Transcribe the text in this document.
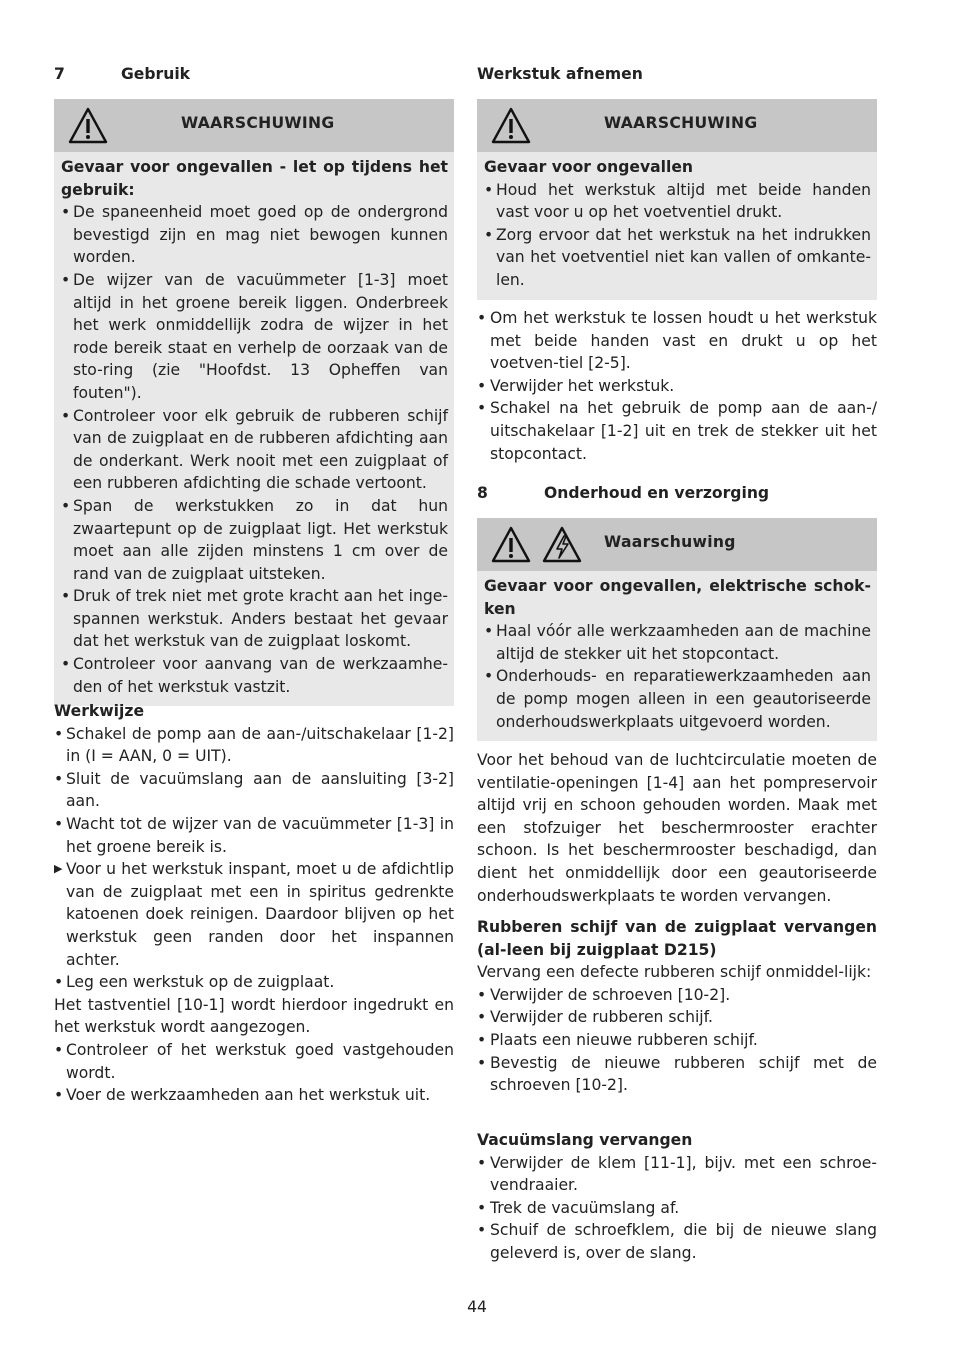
7	Gebruik
WAARSCHUWING

Gevaar voor ongevallen - let op tijdens het gebruik:

• De spaneenheid moet goed op de ondergrond bevestigd zijn en mag niet bewogen kunnen worden.
• De wijzer van de vacuümmeter [1-3] moet altijd in het groene bereik liggen. Onderbreek het werk onmiddellijk zodra de wijzer in het rode bereik staat en verhelp de oorzaak van de sto-ring (zie "Hoofdst. 13 Opheffen van fouten").
• Controleer voor elk gebruik de rubberen schijf van de zuigplaat en de rubberen afdichting aan de onderkant. Werk nooit met een zuigplaat of een rubberen afdichting die schade vertoont.
• Span de werkstukken zo in dat hun zwaartepunt op de zuigplaat ligt. Het werkstuk moet aan alle zijden minstens 1 cm over de rand van de zuigplaat uitsteken.
• Druk of trek niet met grote kracht aan het inge-spannen werkstuk. Anders bestaat het gevaar dat het werkstuk van de zuigplaat loskomt.
• Controleer voor aanvang van de werkzaamhe-den of het werkstuk vastzit.

Werkwijze

• Schakel de pomp aan de aan-/uitschakelaar [1-2] in (I = AAN, 0 = UIT).
• Sluit de vacuümslang aan de aansluiting [3-2] aan.
• Wacht tot de wijzer van de vacuümmeter [1-3] in het groene bereik is.
▶ Voor u het werkstuk inspant, moet u de afdichtlip van de zuigplaat met een in spiritus gedrenkte katoenen doek reinigen. Daardoor blijven op het werkstuk geen randen door het inspannen achter.
• Leg een werkstuk op de zuigplaat.

Het tastventiel [10-1] wordt hierdoor ingedrukt en het werkstuk wordt aangezogen.

• Controleer of het werkstuk goed vastgehouden wordt.
• Voer de werkzaamheden aan het werkstuk uit.
Werkstuk afnemen
WAARSCHUWING

Gevaar voor ongevallen

• Houd het werkstuk altijd met beide handen vast voor u op het voetventiel drukt.
• Zorg ervoor dat het werkstuk na het indrukken van het voetventiel niet kan vallen of omkante-len.
• Om het werkstuk te lossen houdt u het werkstuk met beide handen vast en drukt u op het voetven-tiel [2-5].
• Verwijder het werkstuk.
• Schakel na het gebruik de pomp aan de aan-/ uitschakelaar [1-2] uit en trek de stekker uit het stopcontact.
8	Onderhoud en verzorging
Waarschuwing

Gevaar voor ongevallen, elektrische schok-ken

• Haal vóór alle werkzaamheden aan de machine altijd de stekker uit het stopcontact.
• Onderhouds- en reparatiewerkzaamheden aan de pomp mogen alleen in een geautoriseerde onderhoudswerkplaats uitgevoerd worden.

Voor het behoud van de luchtcirculatie moeten de ventilatie-openingen [1-4] aan het pompreservoir altijd vrij en schoon gehouden worden. Maak met een stofzuiger het beschermrooster erachter schoon. Is het beschermrooster beschadigd, dan dient het onmiddellijk door een geautoriseerde onderhoudswerkplaats te worden vervangen.

Rubberen schijf van de zuigplaat vervangen (al-leen bij zuigplaat D215)

Vervang een defecte rubberen schijf onmiddel-lijk:

• Verwijder de schroeven [10-2].
• Verwijder de rubberen schijf.
• Plaats een nieuwe rubberen schijf.
• Bevestig de nieuwe rubberen schijf met de schroeven [10-2].

Vacuümslang vervangen

• Verwijder de klem [11-1], bijv. met een schroe-vendraaier.
• Trek de vacuümslang af.
• Schuif de schroefklem, die bij de nieuwe slang geleverd is, over de slang.
44
